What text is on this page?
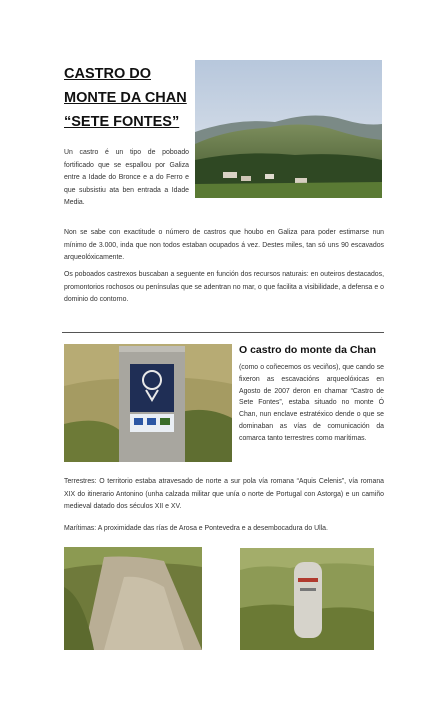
CASTRO DO
MONTE DA CHAN
“SETE FONTES”

Un castro é un tipo de poboado fortificado que se espallou por Galiza entre a Idade do Bronce e a do Ferro e que subsistiu ata ben entrada a Idade Media.

Non se sabe con exactitude o número de castros que houbo en Galiza para poder estimarse nun mínimo de 3.000, inda que non todos estaban ocupados á vez. Destes miles, tan só uns 90 escavados arqueolóxicamente.

Os poboados castrexos buscaban a seguente en función dos recursos naturais: en outeiros destacados, promontorios rochosos ou penínsulas que se adentran no mar, o que facilita a visibilidade, a defensa e o dominio do contorno.

O castro do monte da Chan

(como o coñecemos os veciños), que cando se fixeron as escavacións arqueolóxicas en Agosto de 2007 deron en chamar “Castro de Sete Fontes”, estaba situado no monte Ó Chan, nun enclave estratéxico dende o que se dominaban as vías de comunicación da comarca tanto terrestres como marítimas.

Terrestres: O territorio estaba atravesado de norte a sur pola vía romana “Aquis Celenis”, vía romana XIX do itinerario Antonino (unha calzada militar que unía o norte de Portugal con Astorga) e un camiño medieval datado dos séculos XII e XV.

Marítimas: A proximidade das rías de Arosa e Pontevedra e a desembocadura do Ulla.
